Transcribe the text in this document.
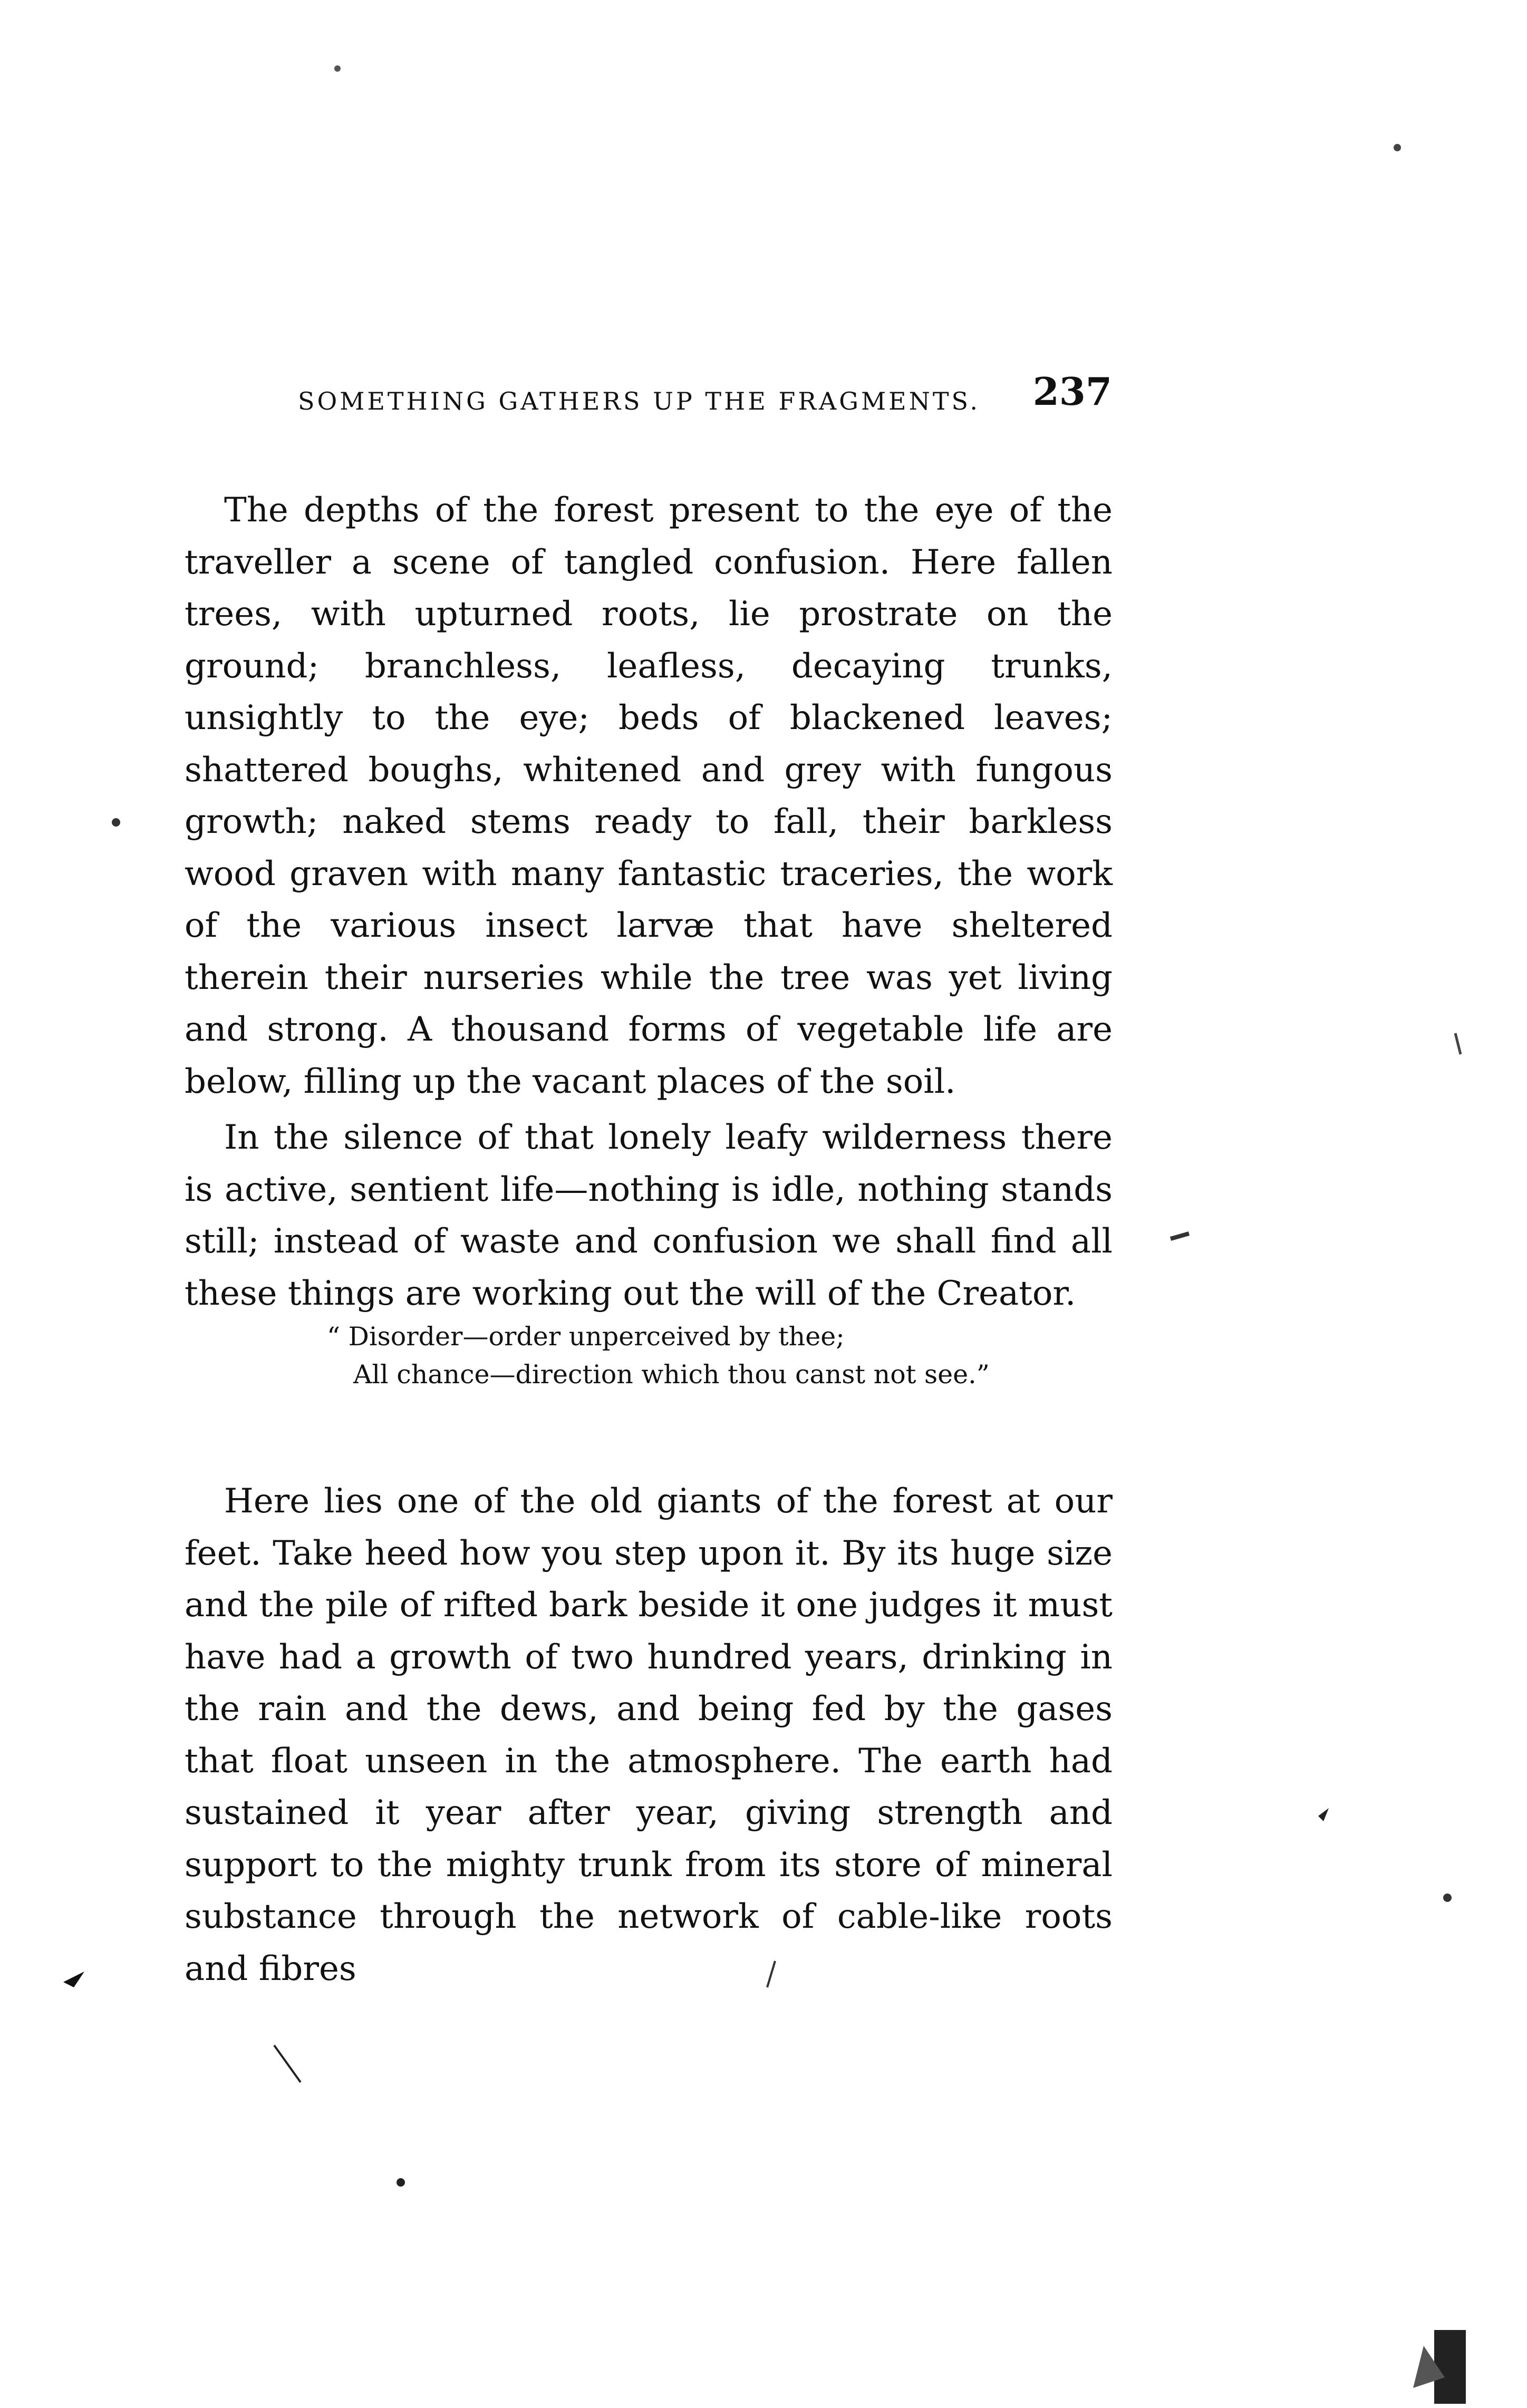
SOMETHING GATHERS UP THE FRAGMENTS. 237

The depths of the forest present to the eye of the traveller a scene of tangled confusion. Here fallen trees, with upturned roots, lie prostrate on the ground; branchless, leafless, decaying trunks, unsightly to the eye; beds of blackened leaves; shattered boughs, whitened and grey with fungous growth; naked stems ready to fall, their barkless wood graven with many fantastic traceries, the work of the various insect larvæ that have sheltered therein their nurseries while the tree was yet living and strong. A thousand forms of vegetable life are below, filling up the vacant places of the soil.

In the silence of that lonely leafy wilderness there is active, sentient life—nothing is idle, nothing stands still; instead of waste and confusion we shall find all these things are working out the will of the Creator.

“ Disorder—order unperceived by thee;
All chance—direction which thou canst not see.”

Here lies one of the old giants of the forest at our feet. Take heed how you step upon it. By its huge size and the pile of rifted bark beside it one judges it must have had a growth of two hundred years, drinking in the rain and the dews, and being fed by the gases that float unseen in the atmosphere. The earth had sustained it year after year, giving strength and support to the mighty trunk from its store of mineral substance through the network of cable-like roots and fibres
